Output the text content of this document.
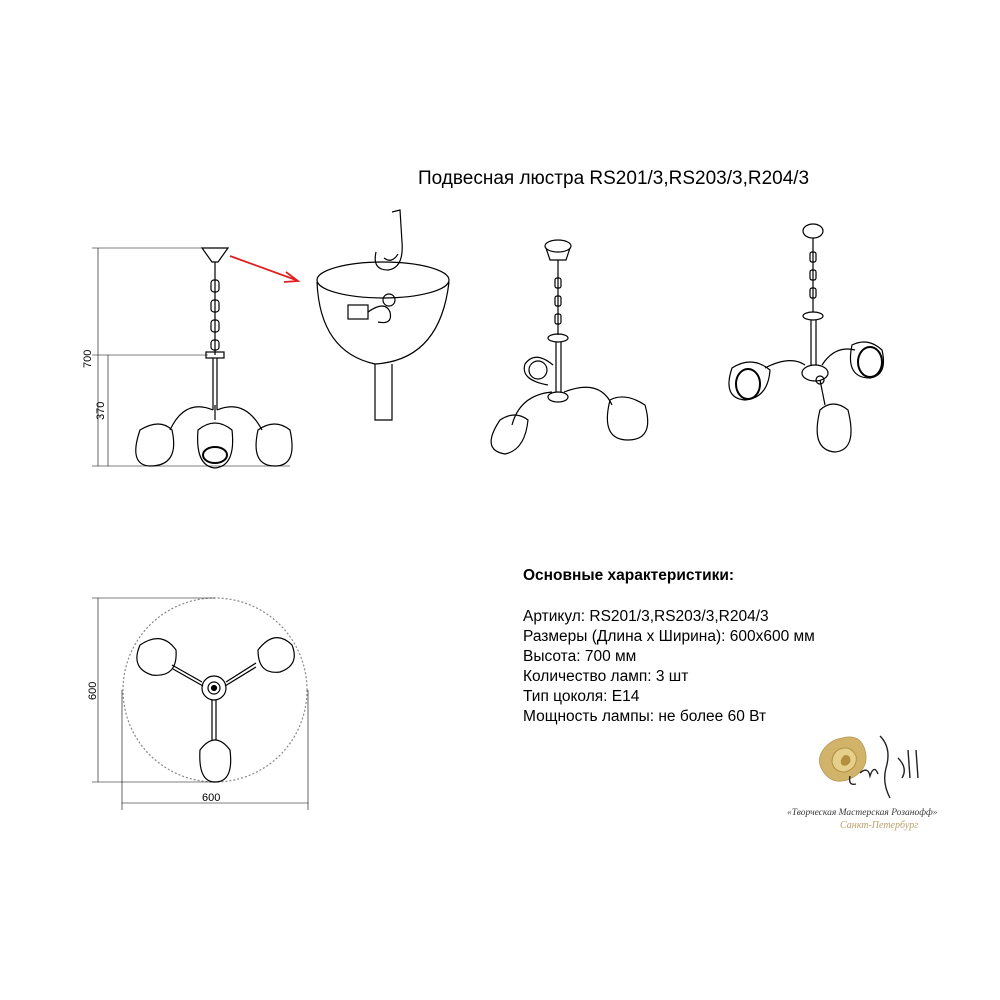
Подвесная люстра RS201/3,RS203/3,R204/3
700
370
600
600
Основные характеристики:
Артикул: RS201/3,RS203/3,R204/3
Размеры (Длина х Ширина): 600х600 мм
Высота: 700 мм
Количество ламп: 3 шт
Тип цоколя: Е14
Мощность лампы: не более 60 Вт
«Творческая Мастерская Розанофф»
Санкт-Петербург
